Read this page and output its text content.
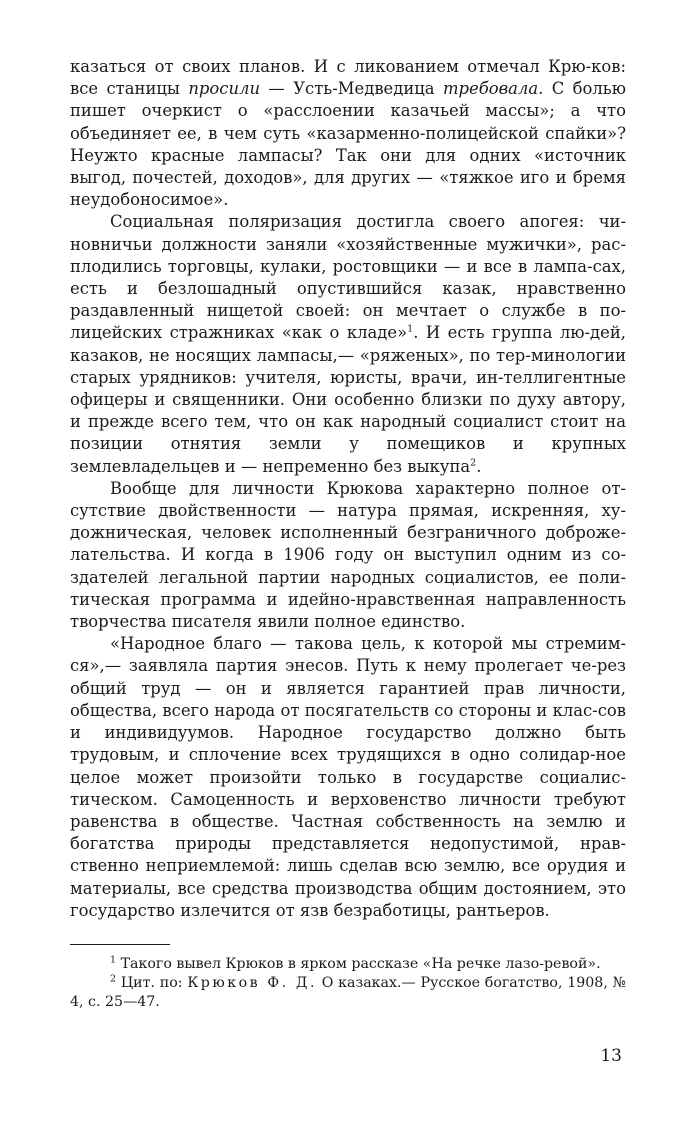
казаться от своих планов. И с ликованием отмечал Крю-ков: все станицы просили — Усть-Медведица требовала. С болью пишет очеркист о «расслоении казачьей массы»; а что объединяет ее, в чем суть «казарменно-полицейской спайки»? Неужто красные лампасы? Так они для одних «источник выгод, почестей, доходов», для других — «тяжкое иго и бремя неудобоносимое».

Социальная поляризация достигла своего апогея: чи-новничьи должности заняли «хозяйственные мужички», рас-плодились торговцы, кулаки, ростовщики — и все в лампа-сах, есть и безлошадный опустившийся казак, нравственно раздавленный нищетой своей: он мечтает о службе в по-лицейских стражниках «как о кладе»$^1$. И есть группа лю-дей, казаков, не носящих лампасы,— «ряженых», по тер-минологии старых урядников: учителя, юристы, врачи, ин-теллигентные офицеры и священники. Они особенно близки по духу автору, и прежде всего тем, что он как народный социалист стоит на позиции отнятия земли у помещиков и крупных землевладельцев и — непременно без выкупа$^2$.

Вообще для личности Крюкова характерно полное от-сутствие двойственности — натура прямая, искренняя, ху-дожническая, человек исполненный безграничного доброже-лательства. И когда в 1906 году он выступил одним из со-здателей легальной партии народных социалистов, ее поли-тическая программа и идейно-нравственная направленность творчества писателя явили полное единство.

«Народное благо — такова цель, к которой мы стремим-ся»,— заявляла партия энесов. Путь к нему пролегает че-рез общий труд — он и является гарантией прав личности, общества, всего народа от посягательств со стороны и клас-сов и индивидуумов. Народное государство должно быть трудовым, и сплочение всех трудящихся в одно солидар-ное целое может произойти только в государстве социалис-тическом. Самоценность и верховенство личности требуют равенства в обществе. Частная собственность на землю и богатства природы представляется недопустимой, нрав-ственно неприемлемой: лишь сделав всю землю, все орудия и материалы, все средства производства общим достоянием, это государство излечится от язв безработицы, рантьеров.

$^1$ Такого вывел Крюков в ярком рассказе «На речке лазо-ревой».

$^2$ Цит. по: Крюков Ф. Д. О казаках.— Русское богатство, 1908, № 4, с. 25—47.

13
